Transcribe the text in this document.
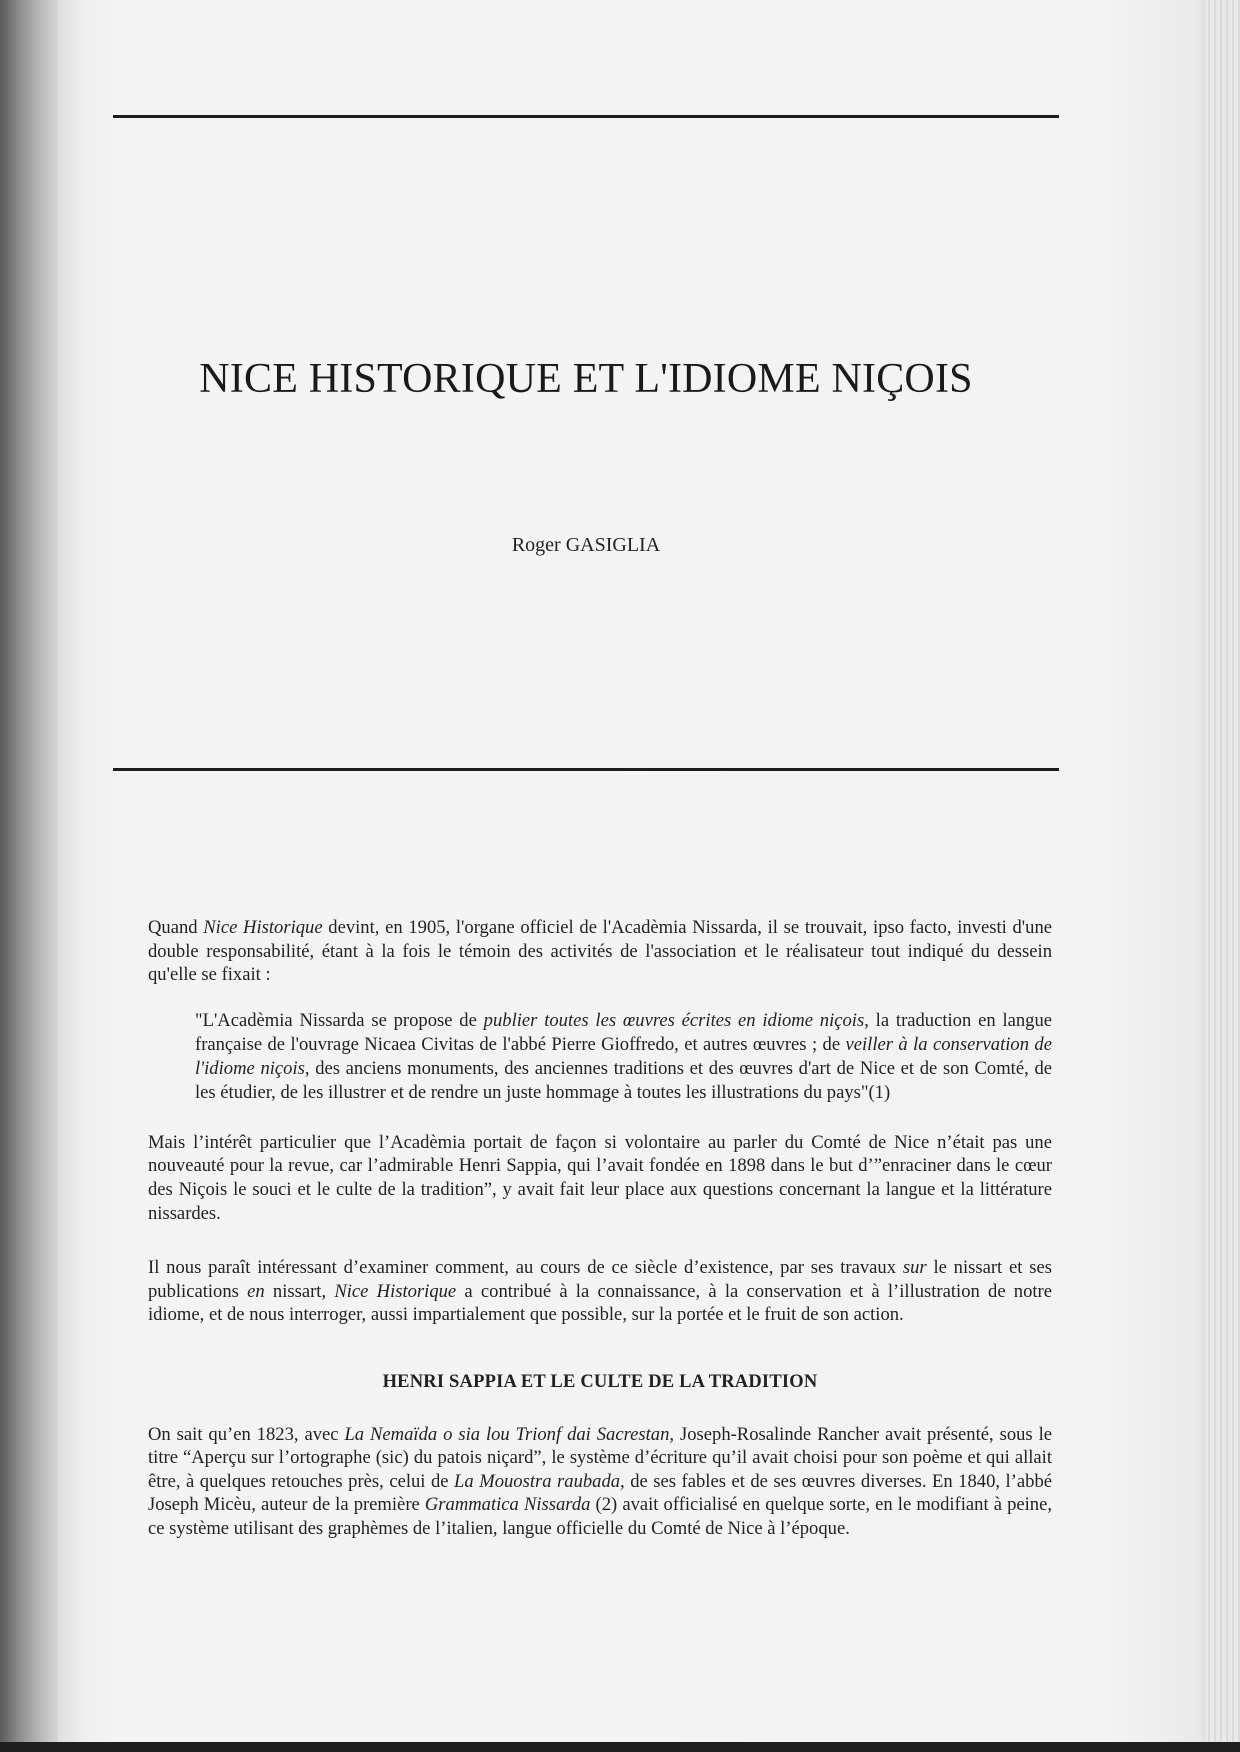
NICE HISTORIQUE ET L'IDIOME NIÇOIS

Roger GASIGLIA

Quand Nice Historique devint, en 1905, l'organe officiel de l'Acadèmia Nissarda, il se trouvait, ipso facto, investi d'une double responsabilité, étant à la fois le témoin des activités de l'association et le réalisateur tout indiqué du dessein qu'elle se fixait :

"L'Acadèmia Nissarda se propose de publier toutes les œuvres écrites en idiome niçois, la traduction en langue française de l'ouvrage Nicaea Civitas de l'abbé Pierre Gioffredo, et autres œuvres ; de veiller à la conservation de l'idiome niçois, des anciens monuments, des anciennes traditions et des œuvres d'art de Nice et de son Comté, de les étudier, de les illustrer et de rendre un juste hommage à toutes les illustrations du pays"(1)

Mais l’intérêt particulier que l’Acadèmia portait de façon si volontaire au parler du Comté de Nice n’était pas une nouveauté pour la revue, car l’admirable Henri Sappia, qui l’avait fondée en 1898 dans le but d’”enraciner dans le cœur des Niçois le souci et le culte de la tradition”, y avait fait leur place aux questions concernant la langue et la littérature nissardes.

Il nous paraît intéressant d’examiner comment, au cours de ce siècle d’existence, par ses travaux sur le nissart et ses publications en nissart, Nice Historique a contribué à la connaissance, à la conservation et à l’illustration de notre idiome, et de nous interroger, aussi impartialement que possible, sur la portée et le fruit de son action.

HENRI SAPPIA ET LE CULTE DE LA TRADITION

On sait qu’en 1823, avec La Nemaïda o sia lou Trionf dai Sacrestan, Joseph-Rosalinde Rancher avait présenté, sous le titre “Aperçu sur l’ortographe (sic) du patois niçard”, le système d’écriture qu’il avait choisi pour son poème et qui allait être, à quelques retouches près, celui de La Mouostra raubada, de ses fables et de ses œuvres diverses. En 1840, l’abbé Joseph Micèu, auteur de la première Grammatica Nissarda (2) avait officialisé en quelque sorte, en le modifiant à peine, ce système utilisant des graphèmes de l’italien, langue officielle du Comté de Nice à l’époque.
